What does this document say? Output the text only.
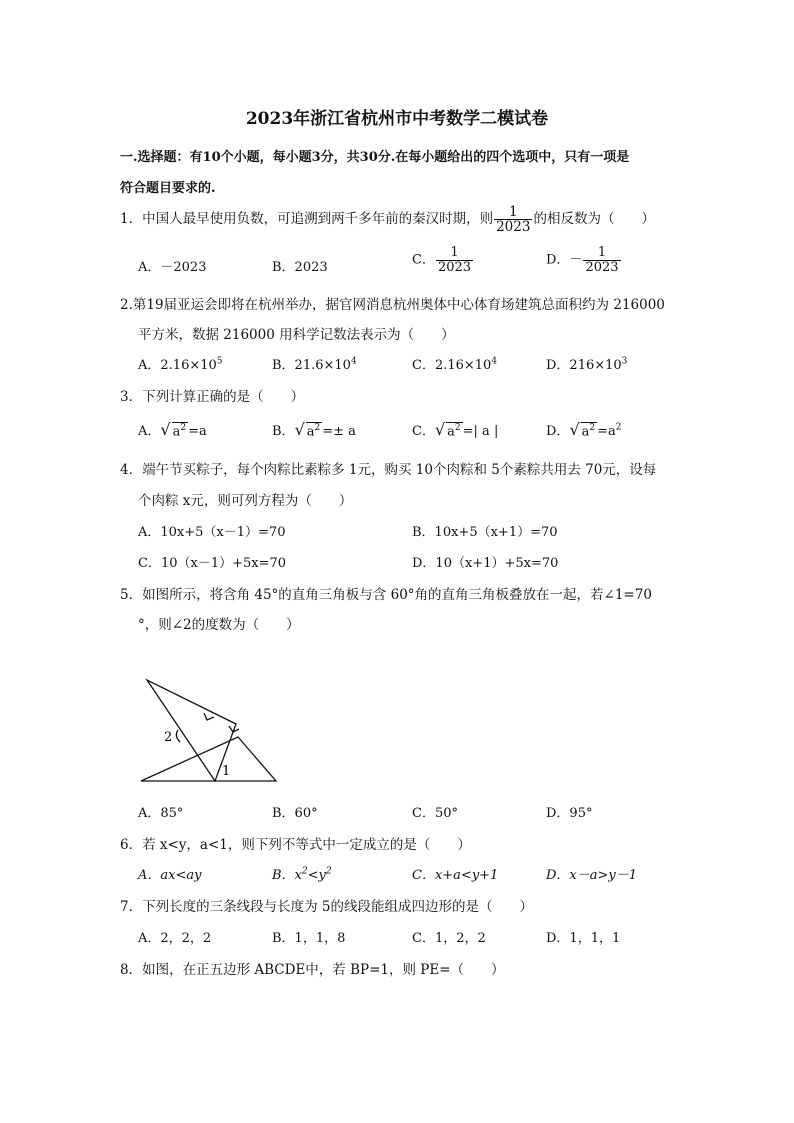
2023年浙江省杭州市中考数学二模试卷
一.选择题：有10个小题，每小题3分，共30分.在每小题给出的四个选项中，只有一项是
符合题目要求的.
1．中国人最早使用负数，可追溯到两千多年前的秦汉时期，则 $\frac{1}{2023}$ 的相反数为（　　）
A．－2023	B．2023	C． $\frac{1}{2023}$	D．－ $\frac{1}{2023}$
2.第19届亚运会即将在杭州举办，据官网消息杭州奥体中心体育场建筑总面积约为 216000
平方米，数据 216000 用科学记数法表示为（　　）
A．$2.16\times 10^5$	B．$21.6\times 10^4$	C．$2.16\times 10^4$	D．$216\times 10^3$
3．下列计算正确的是（　　）
A．√ $a^2 =a$	B．√ $a^2 =\pm a$	C．√ $a^2$ =| a |	D．√ $a^2 =a^2$
4．端午节买粽子，每个肉粽比素粽多 1元，购买 10个肉粽和 5个素粽共用去 70元，设每
个肉粽 x元，则可列方程为（　　）
A．10x+5（x－1）=70	B．10x+5（x+1）=70
C．10（x－1）+5x=70	D．10（x+1）+5x=70
5．如图所示，将含角 45°的直角三角板与含 60°角的直角三角板叠放在一起，若∠1=70
°，则∠2的度数为（　　）
2
1
A．85°	B．60°	C．50°	D．95°
6．若 x<y，a<1，则下列不等式中一定成立的是（　　）
A．ax<ay	B．$x^2<y^2$	C．x+a<y+1	D．x－a>y－1
7．下列长度的三条线段与长度为 5的线段能组成四边形的是（　　）
A．2，2，2	B．1，1，8	C．1，2，2	D．1，1，1
8．如图，在正五边形 ABCDE中，若 BP=1，则 PE=（　　）
